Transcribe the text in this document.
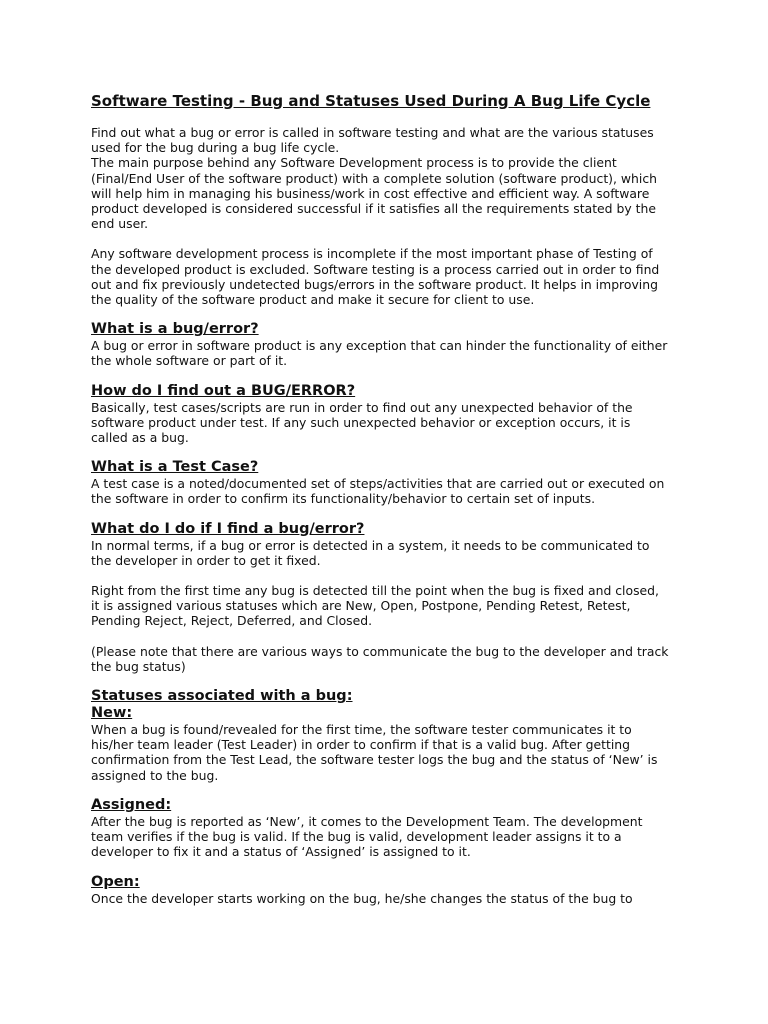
Software Testing - Bug and Statuses Used During A Bug Life Cycle

Find out what a bug or error is called in software testing and what are the various statuses
used for the bug during a bug life cycle.
The main purpose behind any Software Development process is to provide the client
(Final/End User of the software product) with a complete solution (software product), which
will help him in managing his business/work in cost effective and efficient way. A software
product developed is considered successful if it satisfies all the requirements stated by the
end user.

Any software development process is incomplete if the most important phase of Testing of
the developed product is excluded. Software testing is a process carried out in order to find
out and fix previously undetected bugs/errors in the software product. It helps in improving
the quality of the software product and make it secure for client to use.

What is a bug/error?

A bug or error in software product is any exception that can hinder the functionality of either
the whole software or part of it.

How do I find out a BUG/ERROR?

Basically, test cases/scripts are run in order to find out any unexpected behavior of the
software product under test. If any such unexpected behavior or exception occurs, it is
called as a bug.

What is a Test Case?

A test case is a noted/documented set of steps/activities that are carried out or executed on
the software in order to confirm its functionality/behavior to certain set of inputs.

What do I do if I find a bug/error?

In normal terms, if a bug or error is detected in a system, it needs to be communicated to
the developer in order to get it fixed.

Right from the first time any bug is detected till the point when the bug is fixed and closed,
it is assigned various statuses which are New, Open, Postpone, Pending Retest, Retest,
Pending Reject, Reject, Deferred, and Closed.

(Please note that there are various ways to communicate the bug to the developer and track
the bug status)

Statuses associated with a bug:
New:

When a bug is found/revealed for the first time, the software tester communicates it to
his/her team leader (Test Leader) in order to confirm if that is a valid bug. After getting
confirmation from the Test Lead, the software tester logs the bug and the status of ‘New’ is
assigned to the bug.

Assigned:

After the bug is reported as ‘New’, it comes to the Development Team. The development
team verifies if the bug is valid. If the bug is valid, development leader assigns it to a
developer to fix it and a status of ‘Assigned’ is assigned to it.

Open:

Once the developer starts working on the bug, he/she changes the status of the bug to
